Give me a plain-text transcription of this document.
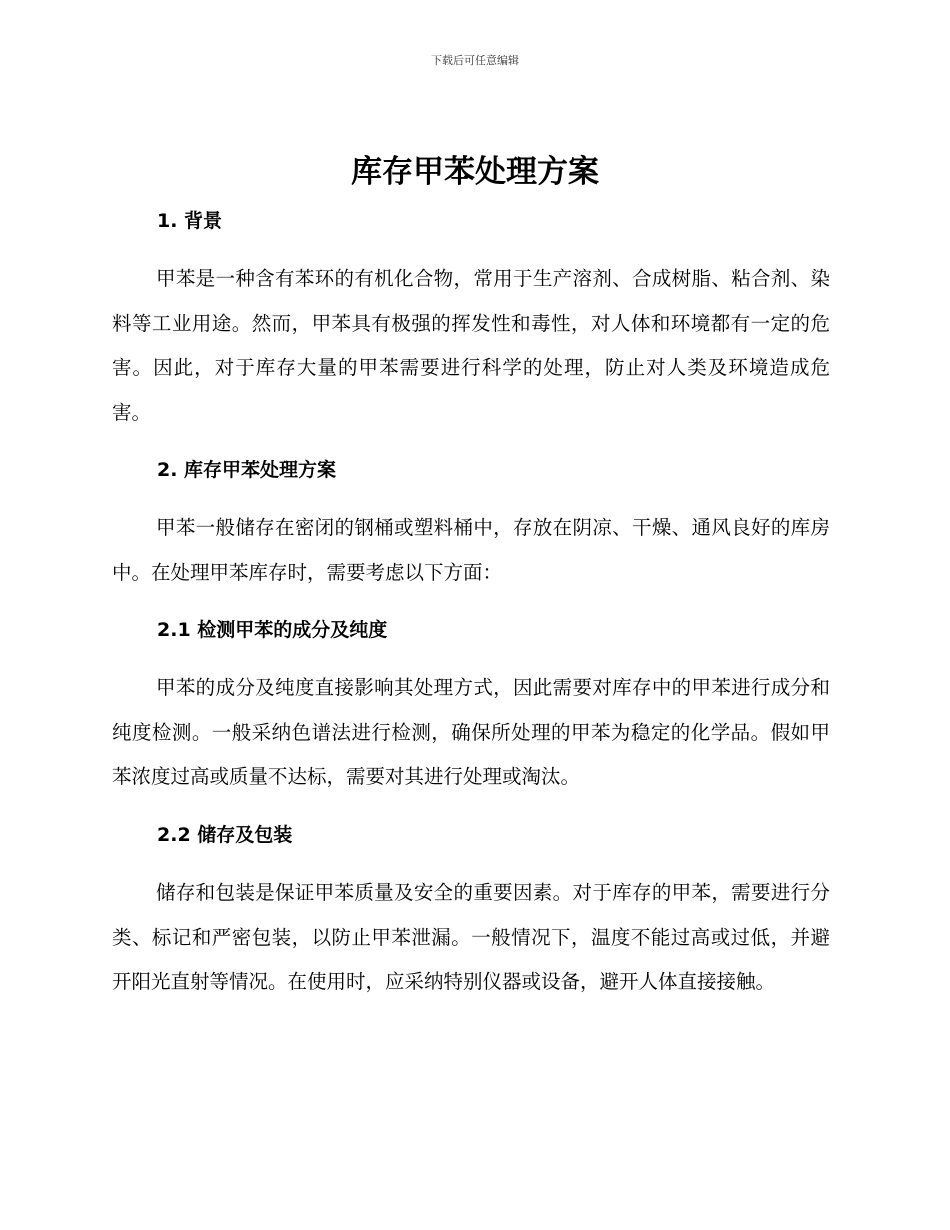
下载后可任意编辑
库存甲苯处理方案
1. 背景

甲苯是一种含有苯环的有机化合物，常用于生产溶剂、合成树脂、粘合剂、染料等工业用途。然而，甲苯具有极强的挥发性和毒性，对人体和环境都有一定的危害。因此，对于库存大量的甲苯需要进行科学的处理，防止对人类及环境造成危害。

2. 库存甲苯处理方案

甲苯一般储存在密闭的钢桶或塑料桶中，存放在阴凉、干燥、通风良好的库房中。在处理甲苯库存时，需要考虑以下方面：

2.1 检测甲苯的成分及纯度

甲苯的成分及纯度直接影响其处理方式，因此需要对库存中的甲苯进行成分和纯度检测。一般采纳色谱法进行检测，确保所处理的甲苯为稳定的化学品。假如甲苯浓度过高或质量不达标，需要对其进行处理或淘汰。

2.2 储存及包装

储存和包装是保证甲苯质量及安全的重要因素。对于库存的甲苯，需要进行分类、标记和严密包装，以防止甲苯泄漏。一般情况下，温度不能过高或过低，并避开阳光直射等情况。在使用时，应采纳特别仪器或设备，避开人体直接接触。
